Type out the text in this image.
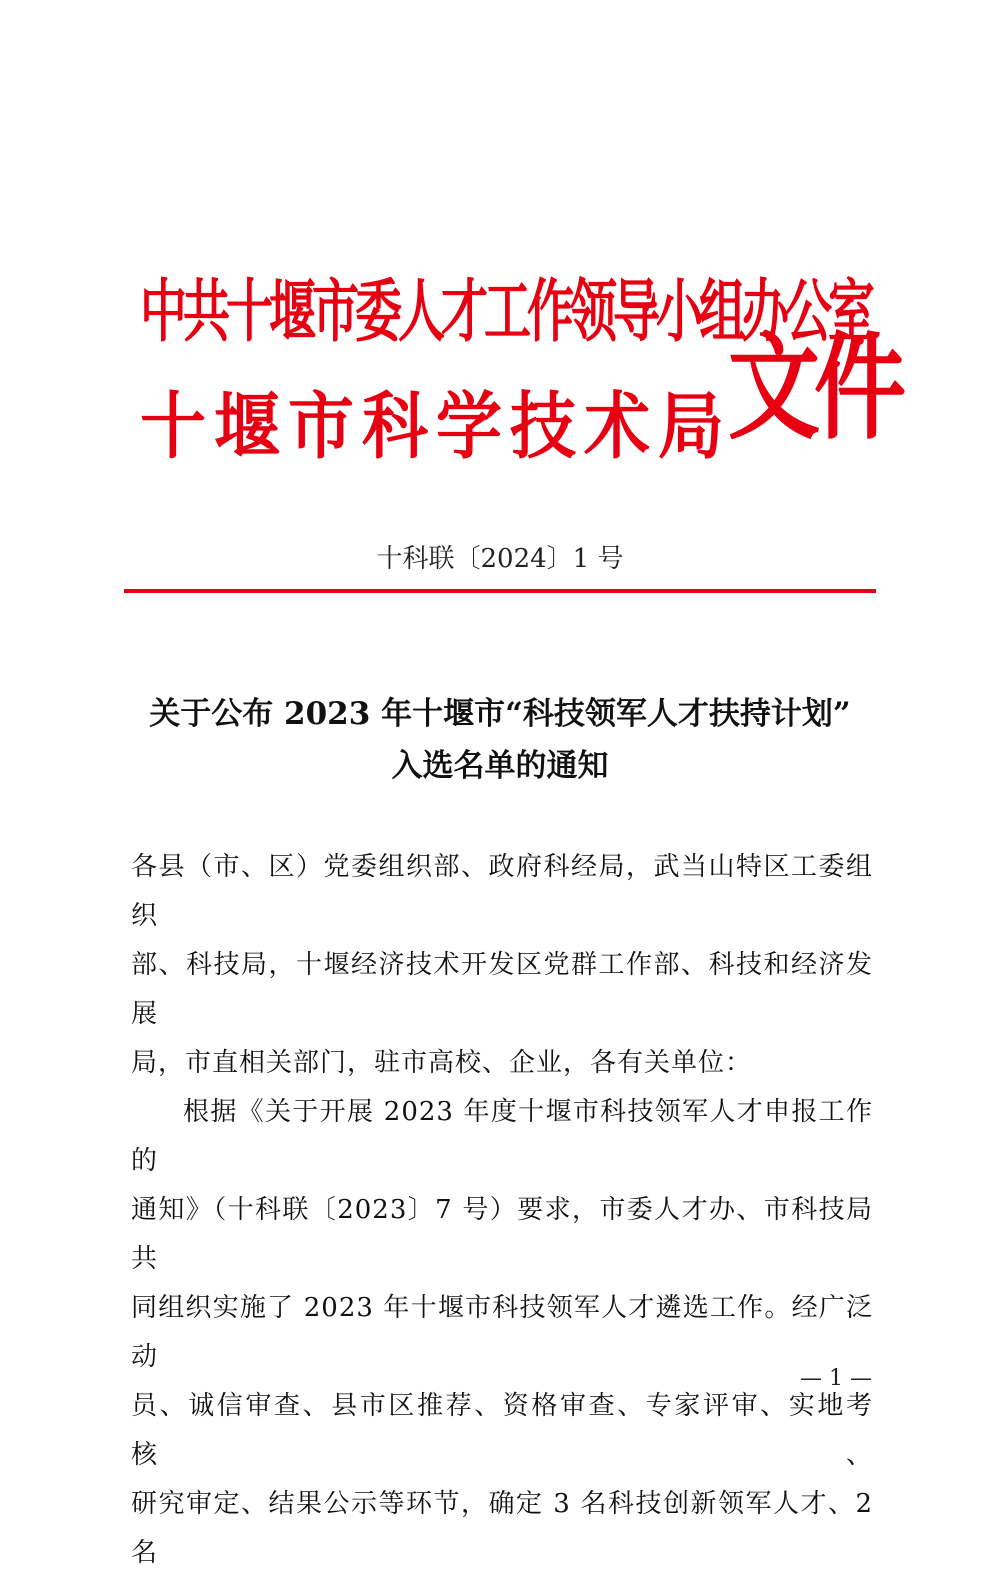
中共十堰市委人才工作领导小组办公室
十堰市科学技术局
文件
十科联〔2024〕1 号
关于公布 2023 年十堰市“科技领军人才扶持计划”
入选名单的通知

各县（市、区）党委组织部、政府科经局，武当山特区工委组织

部、科技局，十堰经济技术开发区党群工作部、科技和经济发展

局，市直相关部门，驻市高校、企业，各有关单位：

根据《关于开展 2023 年度十堰市科技领军人才申报工作的

通知》（十科联〔2023〕7 号）要求，市委人才办、市科技局共

同组织实施了 2023 年十堰市科技领军人才遴选工作。经广泛动

员、诚信审查、县市区推荐、资格审查、专家评审、实地考核、

研究审定、结果公示等环节，确定 3 名科技创新领军人才、2 名

— 1 —
